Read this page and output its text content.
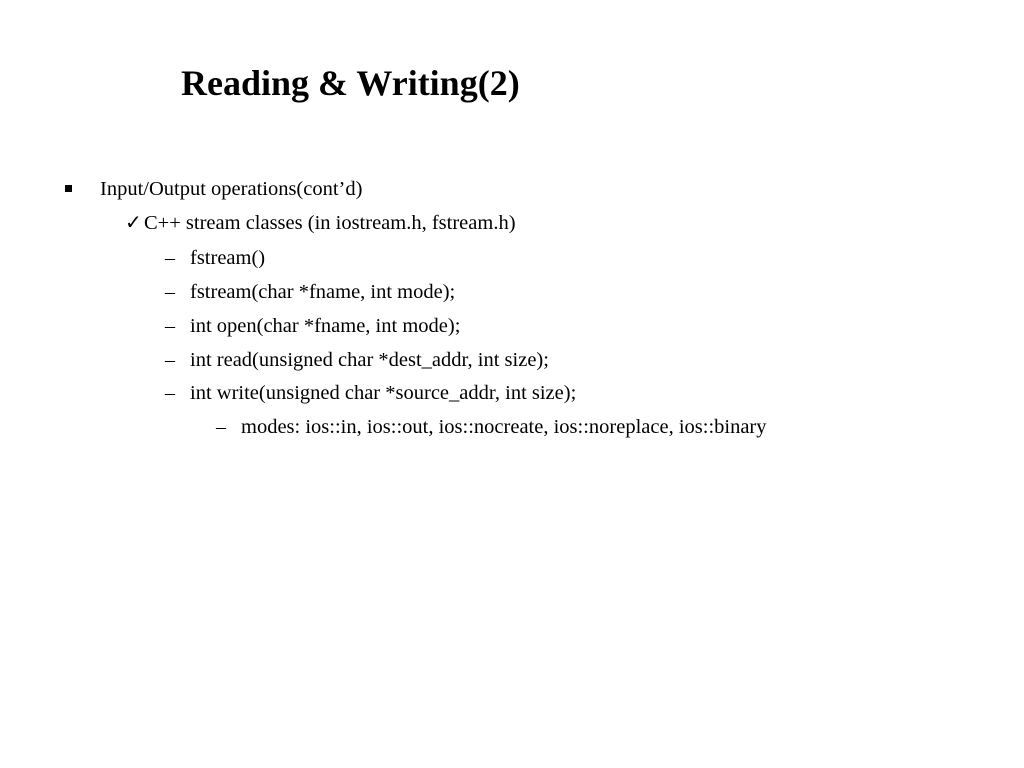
Reading & Writing(2)
Input/Output operations(cont’d)
✓ C++ stream classes (in iostream.h, fstream.h)
– fstream()
– fstream(char *fname, int mode);
– int open(char *fname, int mode);
– int read(unsigned char *dest_addr, int size);
– int write(unsigned char *source_addr, int size);
– modes: ios::in, ios::out, ios::nocreate, ios::noreplace, ios::binary
